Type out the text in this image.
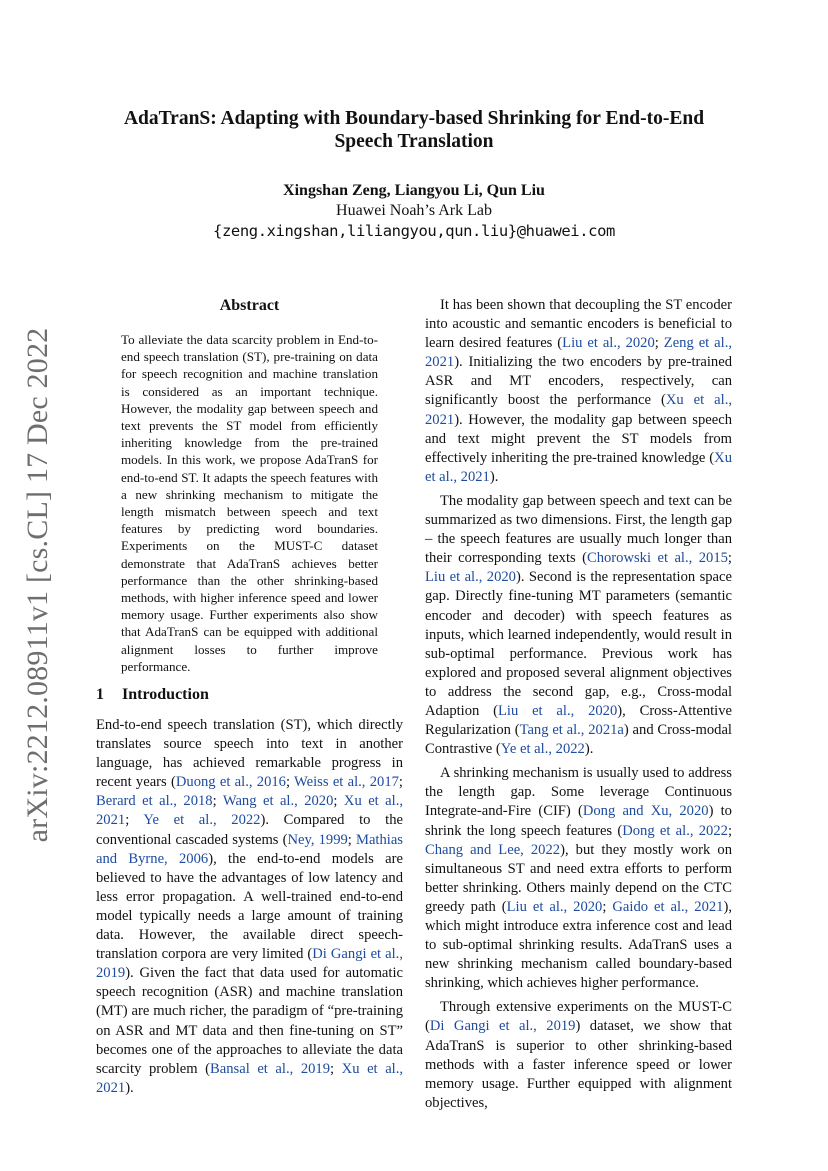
arXiv:2212.08911v1 [cs.CL] 17 Dec 2022
AdaTranS: Adapting with Boundary-based Shrinking for End-to-End Speech Translation
Xingshan Zeng, Liangyou Li, Qun Liu
Huawei Noah’s Ark Lab
{zeng.xingshan,liliangyou,qun.liu}@huawei.com
Abstract
To alleviate the data scarcity problem in End-to-end speech translation (ST), pre-training on data for speech recognition and machine translation is considered as an important technique. However, the modality gap between speech and text prevents the ST model from efficiently inheriting knowledge from the pre-trained models. In this work, we propose AdaTranS for end-to-end ST. It adapts the speech features with a new shrinking mechanism to mitigate the length mismatch between speech and text features by predicting word boundaries. Experiments on the MUST-C dataset demonstrate that AdaTranS achieves better performance than the other shrinking-based methods, with higher inference speed and lower memory usage. Further experiments also show that AdaTranS can be equipped with additional alignment losses to further improve performance.
1 Introduction

End-to-end speech translation (ST), which directly translates source speech into text in another language, has achieved remarkable progress in recent years (Duong et al., 2016; Weiss et al., 2017; Berard et al., 2018; Wang et al., 2020; Xu et al., 2021; Ye et al., 2022). Compared to the conventional cascaded systems (Ney, 1999; Mathias and Byrne, 2006), the end-to-end models are believed to have the advantages of low latency and less error propagation. A well-trained end-to-end model typically needs a large amount of training data. However, the available direct speech-translation corpora are very limited (Di Gangi et al., 2019). Given the fact that data used for automatic speech recognition (ASR) and machine translation (MT) are much richer, the paradigm of “pre-training on ASR and MT data and then fine-tuning on ST” becomes one of the approaches to alleviate the data scarcity problem (Bansal et al., 2019; Xu et al., 2021).

It has been shown that decoupling the ST encoder into acoustic and semantic encoders is beneficial to learn desired features (Liu et al., 2020; Zeng et al., 2021). Initializing the two encoders by pre-trained ASR and MT encoders, respectively, can significantly boost the performance (Xu et al., 2021). However, the modality gap between speech and text might prevent the ST models from effectively inheriting the pre-trained knowledge (Xu et al., 2021).

The modality gap between speech and text can be summarized as two dimensions. First, the length gap – the speech features are usually much longer than their corresponding texts (Chorowski et al., 2015; Liu et al., 2020). Second is the representation space gap. Directly fine-tuning MT parameters (semantic encoder and decoder) with speech features as inputs, which learned independently, would result in sub-optimal performance. Previous work has explored and proposed several alignment objectives to address the second gap, e.g., Cross-modal Adaption (Liu et al., 2020), Cross-Attentive Regularization (Tang et al., 2021a) and Cross-modal Contrastive (Ye et al., 2022).

A shrinking mechanism is usually used to address the length gap. Some leverage Continuous Integrate-and-Fire (CIF) (Dong and Xu, 2020) to shrink the long speech features (Dong et al., 2022; Chang and Lee, 2022), but they mostly work on simultaneous ST and need extra efforts to perform better shrinking. Others mainly depend on the CTC greedy path (Liu et al., 2020; Gaido et al., 2021), which might introduce extra inference cost and lead to sub-optimal shrinking results. AdaTranS uses a new shrinking mechanism called boundary-based shrinking, which achieves higher performance.

Through extensive experiments on the MUST-C (Di Gangi et al., 2019) dataset, we show that AdaTranS is superior to other shrinking-based methods with a faster inference speed or lower memory usage. Further equipped with alignment objectives,
